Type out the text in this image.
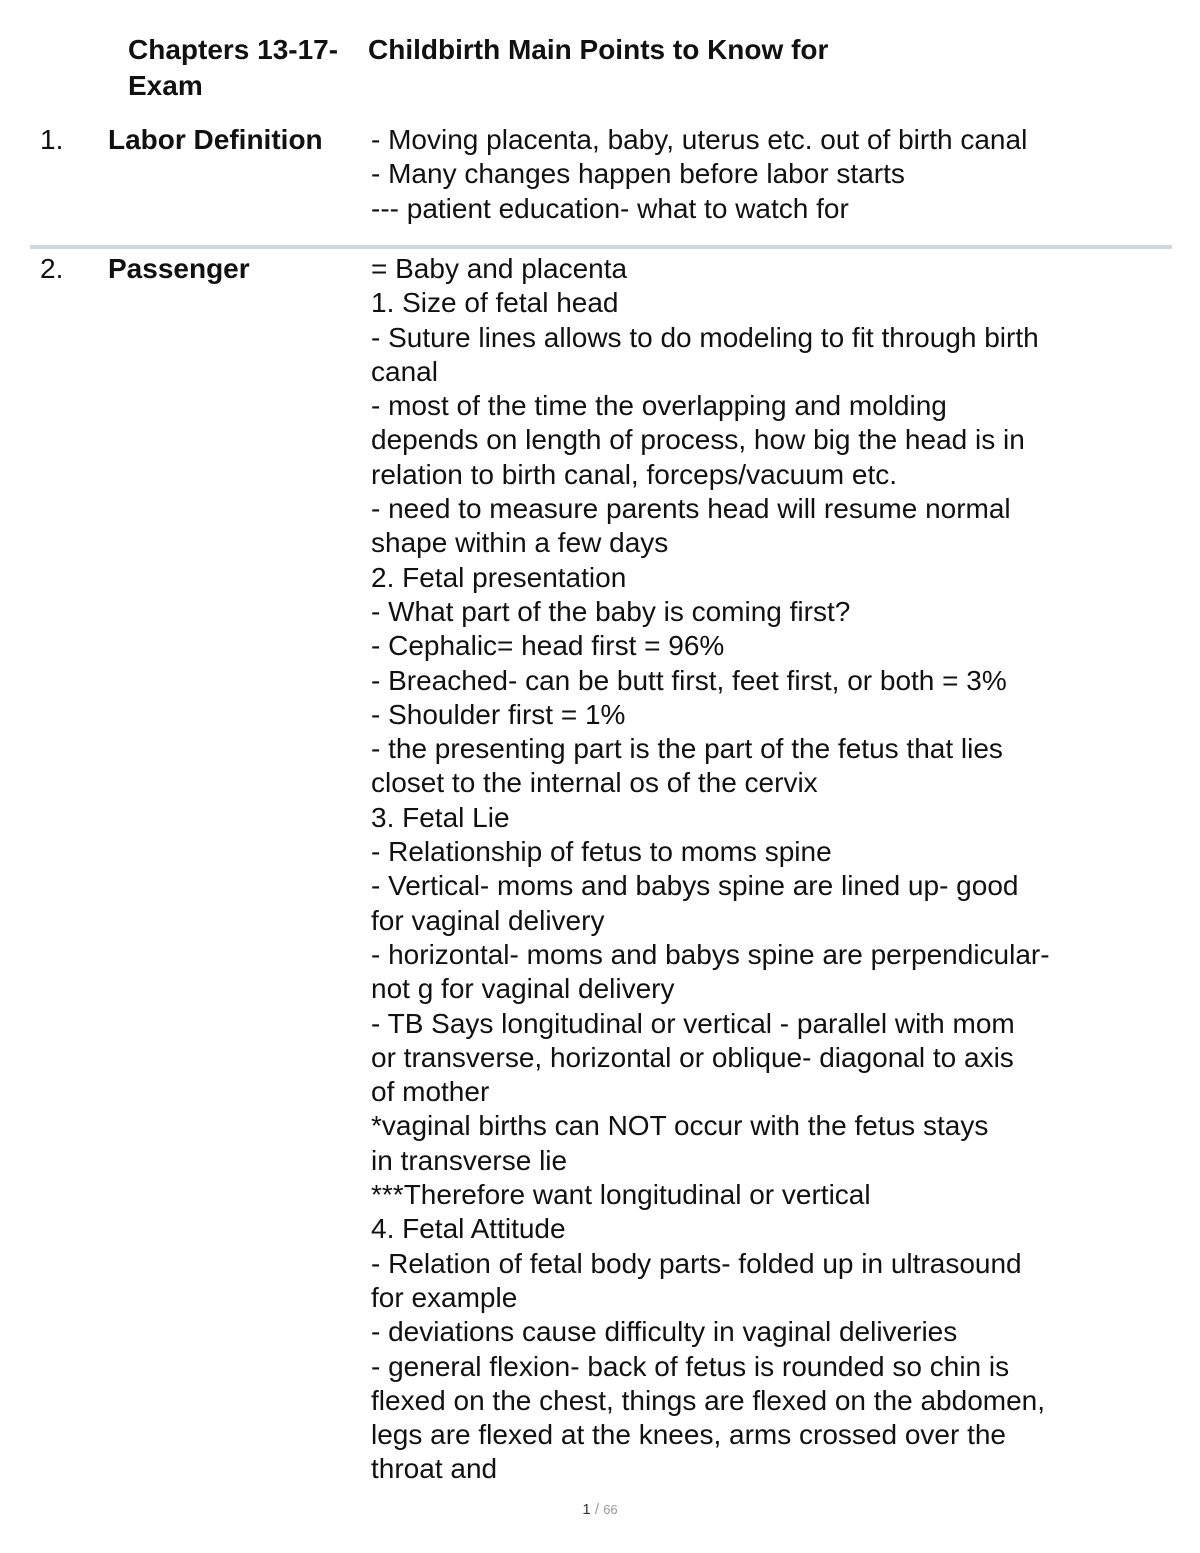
Chapters 13-17- Childbirth Main Points to Know for
Exam
1. Labor Definition - Moving placenta, baby, uterus etc. out of birth canal
- Many changes happen before labor starts
--- patient education- what to watch for
2. Passenger	= Baby and placenta
1. Size of fetal head
- Suture lines allows to do modeling to fit through birth
canal
- most of the time the overlapping and molding
depends on length of process, how big the head is in
relation to birth canal, forceps/vacuum etc.
- need to measure parents head will resume normal
shape within a few days
2. Fetal presentation
- What part of the baby is coming first?
- Cephalic= head first = 96%
- Breached- can be butt first, feet first, or both = 3%
- Shoulder first = 1%
- the presenting part is the part of the fetus that lies
closet to the internal os of the cervix
3. Fetal Lie
- Relationship of fetus to moms spine
- Vertical- moms and babys spine are lined up- good
for vaginal delivery
- horizontal- moms and babys spine are perpendicular-
not g for vaginal delivery
- TB Says longitudinal or vertical - parallel with mom
or transverse, horizontal or oblique- diagonal to axis
of mother
*vaginal births can NOT occur with the fetus stays
in transverse lie
***Therefore want longitudinal or vertical
4. Fetal Attitude
- Relation of fetal body parts- folded up in ultrasound
for example
- deviations cause difficulty in vaginal deliveries
- general flexion- back of fetus is rounded so chin is
flexed on the chest, things are flexed on the abdomen,
legs are flexed at the knees, arms crossed over the
throat and
1 / 66
